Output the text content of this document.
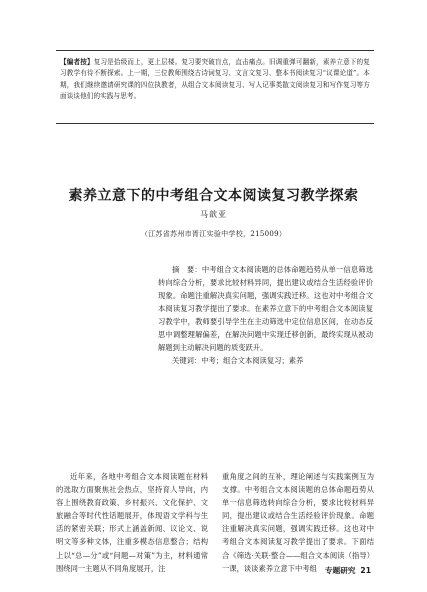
【编者按】复习是拾级而上，更上层楼。复习要突破盲点，直击痛点。旧调重弹可翻新，素养立意下的复习教学有待不断探索。上一期，三位教师围绕古诗词复习、文言文复习、整本书阅读复习“议课论道”。本期，我们继续邀请研究课的四位执教者，从组合文本阅读复习、写人记事类散文阅读复习和写作复习等方面谈谈他们的实践与思考。
素养立意下的中考组合文本阅读复习教学探索
马歆亚
（江苏省苏州市胥江实验中学校，215009）
摘　要：中考组合文本阅读题的总体命题趋势从单一信息筛选转向综合分析，要求比较材料异同，提出建议或结合生活经验评价现象。命题注重解决真实问题，强调实践迁移。这也对中考组合文本阅读复习教学提出了要求。在素养立意下的中考组合文本阅读复习教学中，教师要引导学生在主动筛选中定位信息区间，在动态反思中调整理解偏差，在解决问题中实现迁移创新，最终实现从被动解题到主动解决问题的质变跃升。
关键词：中考；组合文本阅读复习；素养
近年来，各地中考组合文本阅读题在材料的选取方面聚焦社会热点，坚持育人导向，内容上围绕教育政策、乡村振兴、文化保护、文旅融合等时代性话题展开，体现语文学科与生活的紧密关联；形式上涵盖新闻、议论文、说明文等多种文体，注重多模态信息整合；结构上以“总—分”或“问题—对策”为主，材料通常围绕同一主题从不同角度展开，注
重角度之间的互补，理论阐述与实践案例互为支撑。中考组合文本阅读题的总体命题趋势从单一信息筛选转向综合分析，要求比较材料异同，提出建议或结合生活经验评价现象。命题注重解决真实问题，强调实践迁移。这也对中考组合文本阅读复习教学提出了要求。下面结合《筛选·关联·整合——组合文本阅读（指导）一课，谈谈素养立意下中考组	专题研究 21
